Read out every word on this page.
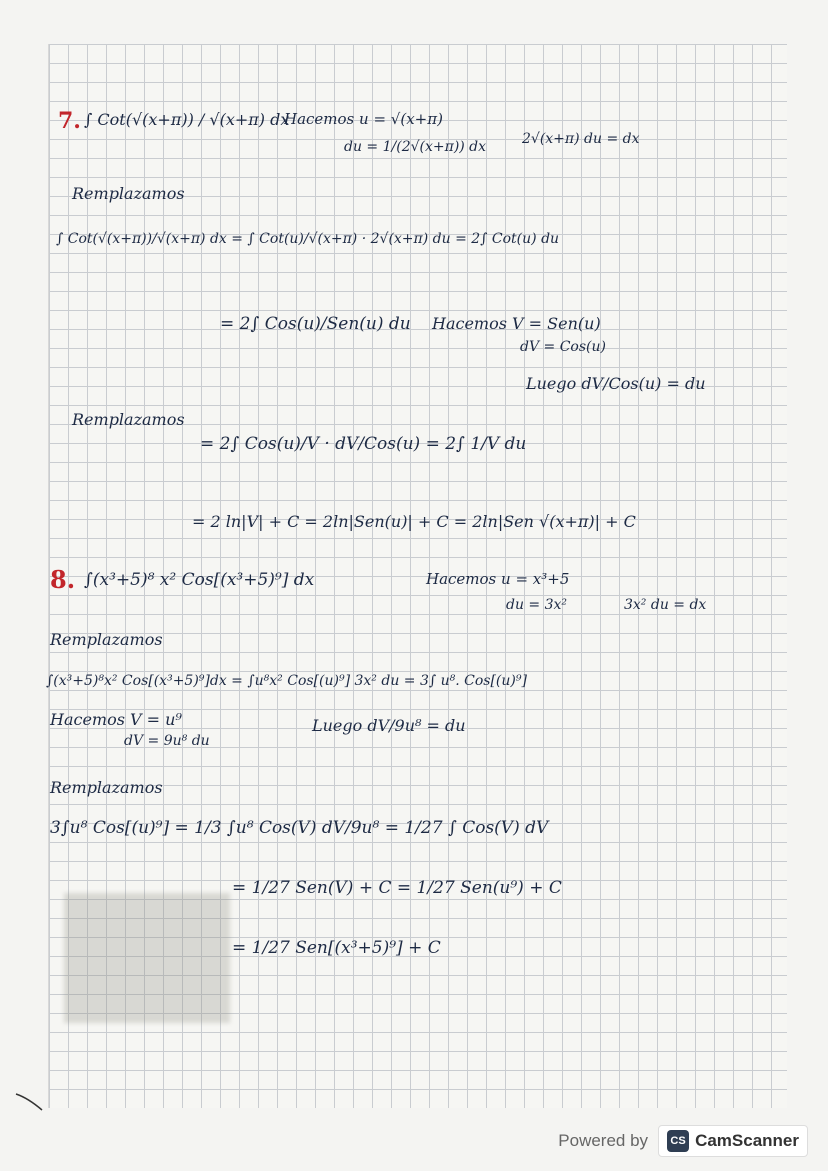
7. ∫ Cot(√(x+π)) / √(x+π) dx
Hacemos u = √(x+π)
du = 1/(2√(x+π)) dx	2√(x+π) du = dx
Remplazamos
∫ Cot(√(x+π))/√(x+π) dx = ∫ Cot(u)/√(x+π) · 2√(x+π) du = 2∫ Cot(u) du
= 2∫ Cos(u)/Sen(u) du Hacemos V = Sen(u)
dV = Cos(u)
Luego dV/Cos(u) = du
Remplazamos
= 2∫ Cos(u)/V · dV/Cos(u) = 2∫ 1/V du
= 2 ln|V| + C = 2ln|Sen(u)| + C = 2ln|Sen √(x+π)| + C
8. ∫(x³+5)⁸ x² Cos[(x³+5)⁹] dx	Hacemos u = x³+5
du = 3x²	3x² du = dx
Remplazamos
∫(x³+5)⁸x² Cos[(x³+5)⁹]dx = ∫u⁸x² Cos[(u)⁹] 3x² du = 3∫ u⁸. Cos[(u)⁹]
Hacemos V = u⁹
dV = 9u⁸ du
Luego dV/9u⁸ = du
Remplazamos
3∫u⁸ Cos[(u)⁹] = 1/3 ∫u⁸ Cos(V) dV/9u⁸ = 1/27 ∫ Cos(V) dV
= 1/27 Sen(V) + C = 1/27 Sen(u⁹) + C
= 1/27 Sen[(x³+5)⁹] + C
Powered by	CS CamScanner
